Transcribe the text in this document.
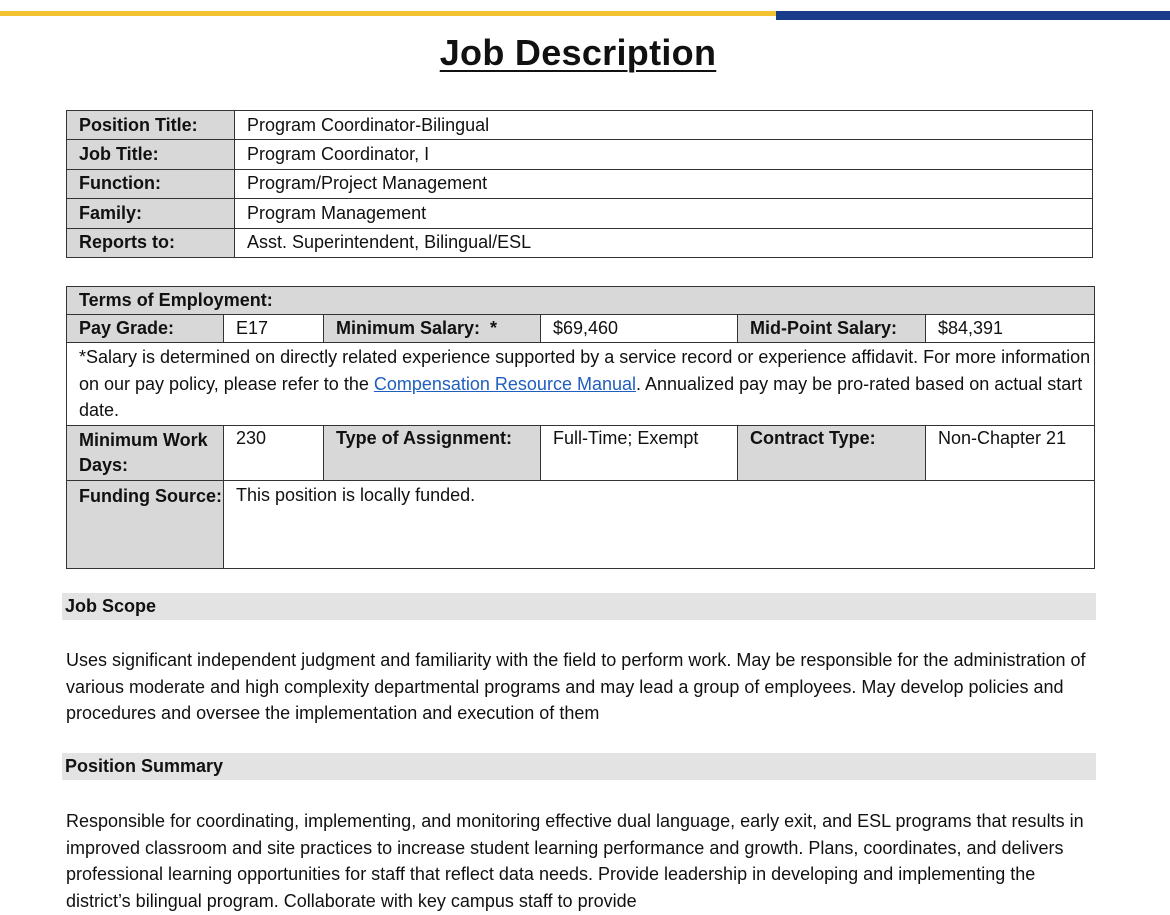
Job Description
Position Title:	Program Coordinator-Bilingual
Job Title:	Program Coordinator, I
Function:	Program/Project Management
Family:	Program Management
Reports to:	Asst. Superintendent, Bilingual/ESL
Terms of Employment:					
Pay Grade:	E17	Minimum Salary:  *	$69,460	Mid-Point Salary:	$84,391
*Salary is determined on directly related experience supported by a service record or experience affidavit. For more information on our pay policy, please refer to the Compensation Resource Manual. Annualized pay may be pro-rated based on actual start date.					
Minimum Work Days:	230	Type of Assignment:	Full-Time; Exempt	Contract Type:	Non-Chapter 21
Funding Source:	This position is locally funded.				
Job Scope
Uses significant independent judgment and familiarity with the field to perform work. May be responsible for the administration of various moderate and high complexity departmental programs and may lead a group of employees. May develop policies and procedures and oversee the implementation and execution of them
Position Summary
Responsible for coordinating, implementing, and monitoring effective dual language, early exit, and ESL programs that results in improved classroom and site practices to increase student learning performance and growth. Plans, coordinates, and delivers professional learning opportunities for staff that reflect data needs. Provide leadership in developing and implementing the district’s bilingual program. Collaborate with key campus staff to provide
